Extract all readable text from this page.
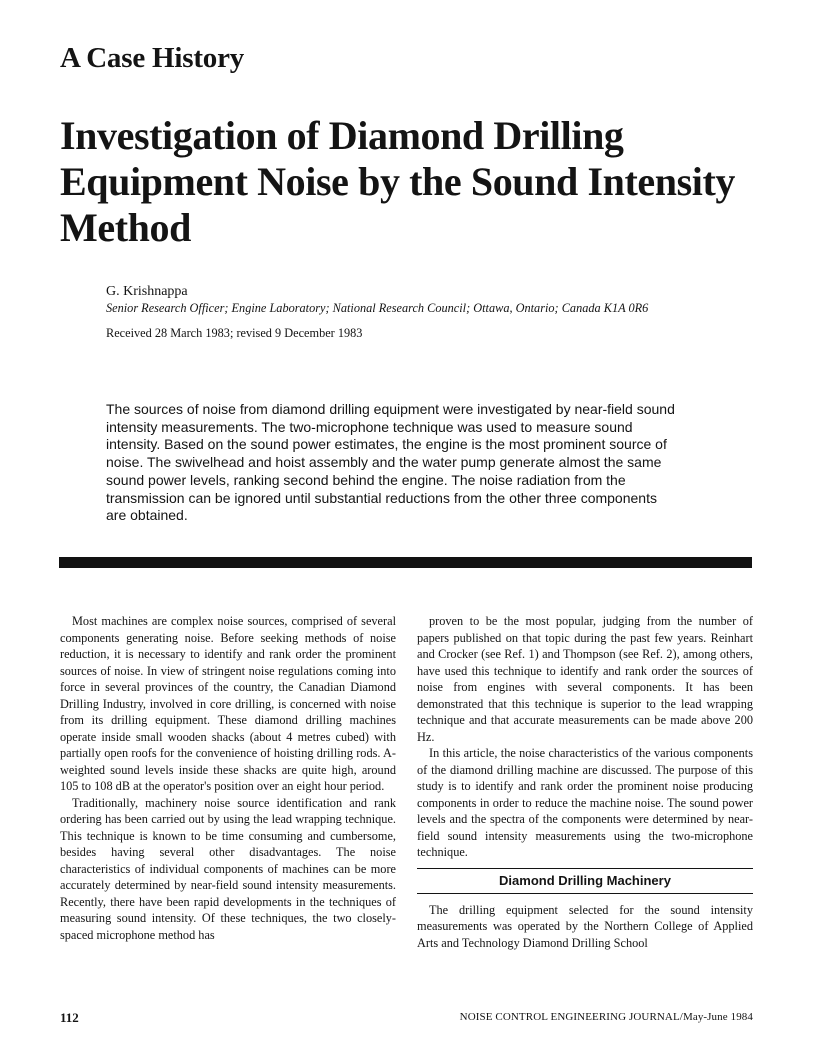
A Case History
Investigation of Diamond Drilling Equipment Noise by the Sound Intensity Method
G. Krishnappa
Senior Research Officer; Engine Laboratory; National Research Council; Ottawa, Ontario; Canada K1A 0R6
Received 28 March 1983; revised 9 December 1983

The sources of noise from diamond drilling equipment were investigated by near-field sound intensity measurements. The two-microphone technique was used to measure sound intensity. Based on the sound power estimates, the engine is the most prominent source of noise. The swivelhead and hoist assembly and the water pump generate almost the same sound power levels, ranking second behind the engine. The noise radiation from the transmission can be ignored until substantial reductions from the other three components are obtained.

Most machines are complex noise sources, comprised of several components generating noise. Before seeking methods of noise reduction, it is necessary to identify and rank order the prominent sources of noise. In view of stringent noise regulations coming into force in several provinces of the country, the Canadian Diamond Drilling Industry, involved in core drilling, is concerned with noise from its drilling equipment. These diamond drilling machines operate inside small wooden shacks (about 4 metres cubed) with partially open roofs for the convenience of hoisting drilling rods. A-weighted sound levels inside these shacks are quite high, around 105 to 108 dB at the operator's position over an eight hour period.

Traditionally, machinery noise source identification and rank ordering has been carried out by using the lead wrapping technique. This technique is known to be time consuming and cumbersome, besides having several other disadvantages. The noise characteristics of individual components of machines can be more accurately determined by near-field sound intensity measurements. Recently, there have been rapid developments in the techniques of measuring sound intensity. Of these techniques, the two closely-spaced microphone method has

proven to be the most popular, judging from the number of papers published on that topic during the past few years. Reinhart and Crocker (see Ref. 1) and Thompson (see Ref. 2), among others, have used this technique to identify and rank order the sources of noise from engines with several components. It has been demonstrated that this technique is superior to the lead wrapping technique and that accurate measurements can be made above 200 Hz.

In this article, the noise characteristics of the various components of the diamond drilling machine are discussed. The purpose of this study is to identify and rank order the prominent noise producing components in order to reduce the machine noise. The sound power levels and the spectra of the components were determined by near-field sound intensity measurements using the two-microphone technique.

Diamond Drilling Machinery

The drilling equipment selected for the sound intensity measurements was operated by the Northern College of Applied Arts and Technology Diamond Drilling School

112	NOISE CONTROL ENGINEERING JOURNAL/May-June 1984
